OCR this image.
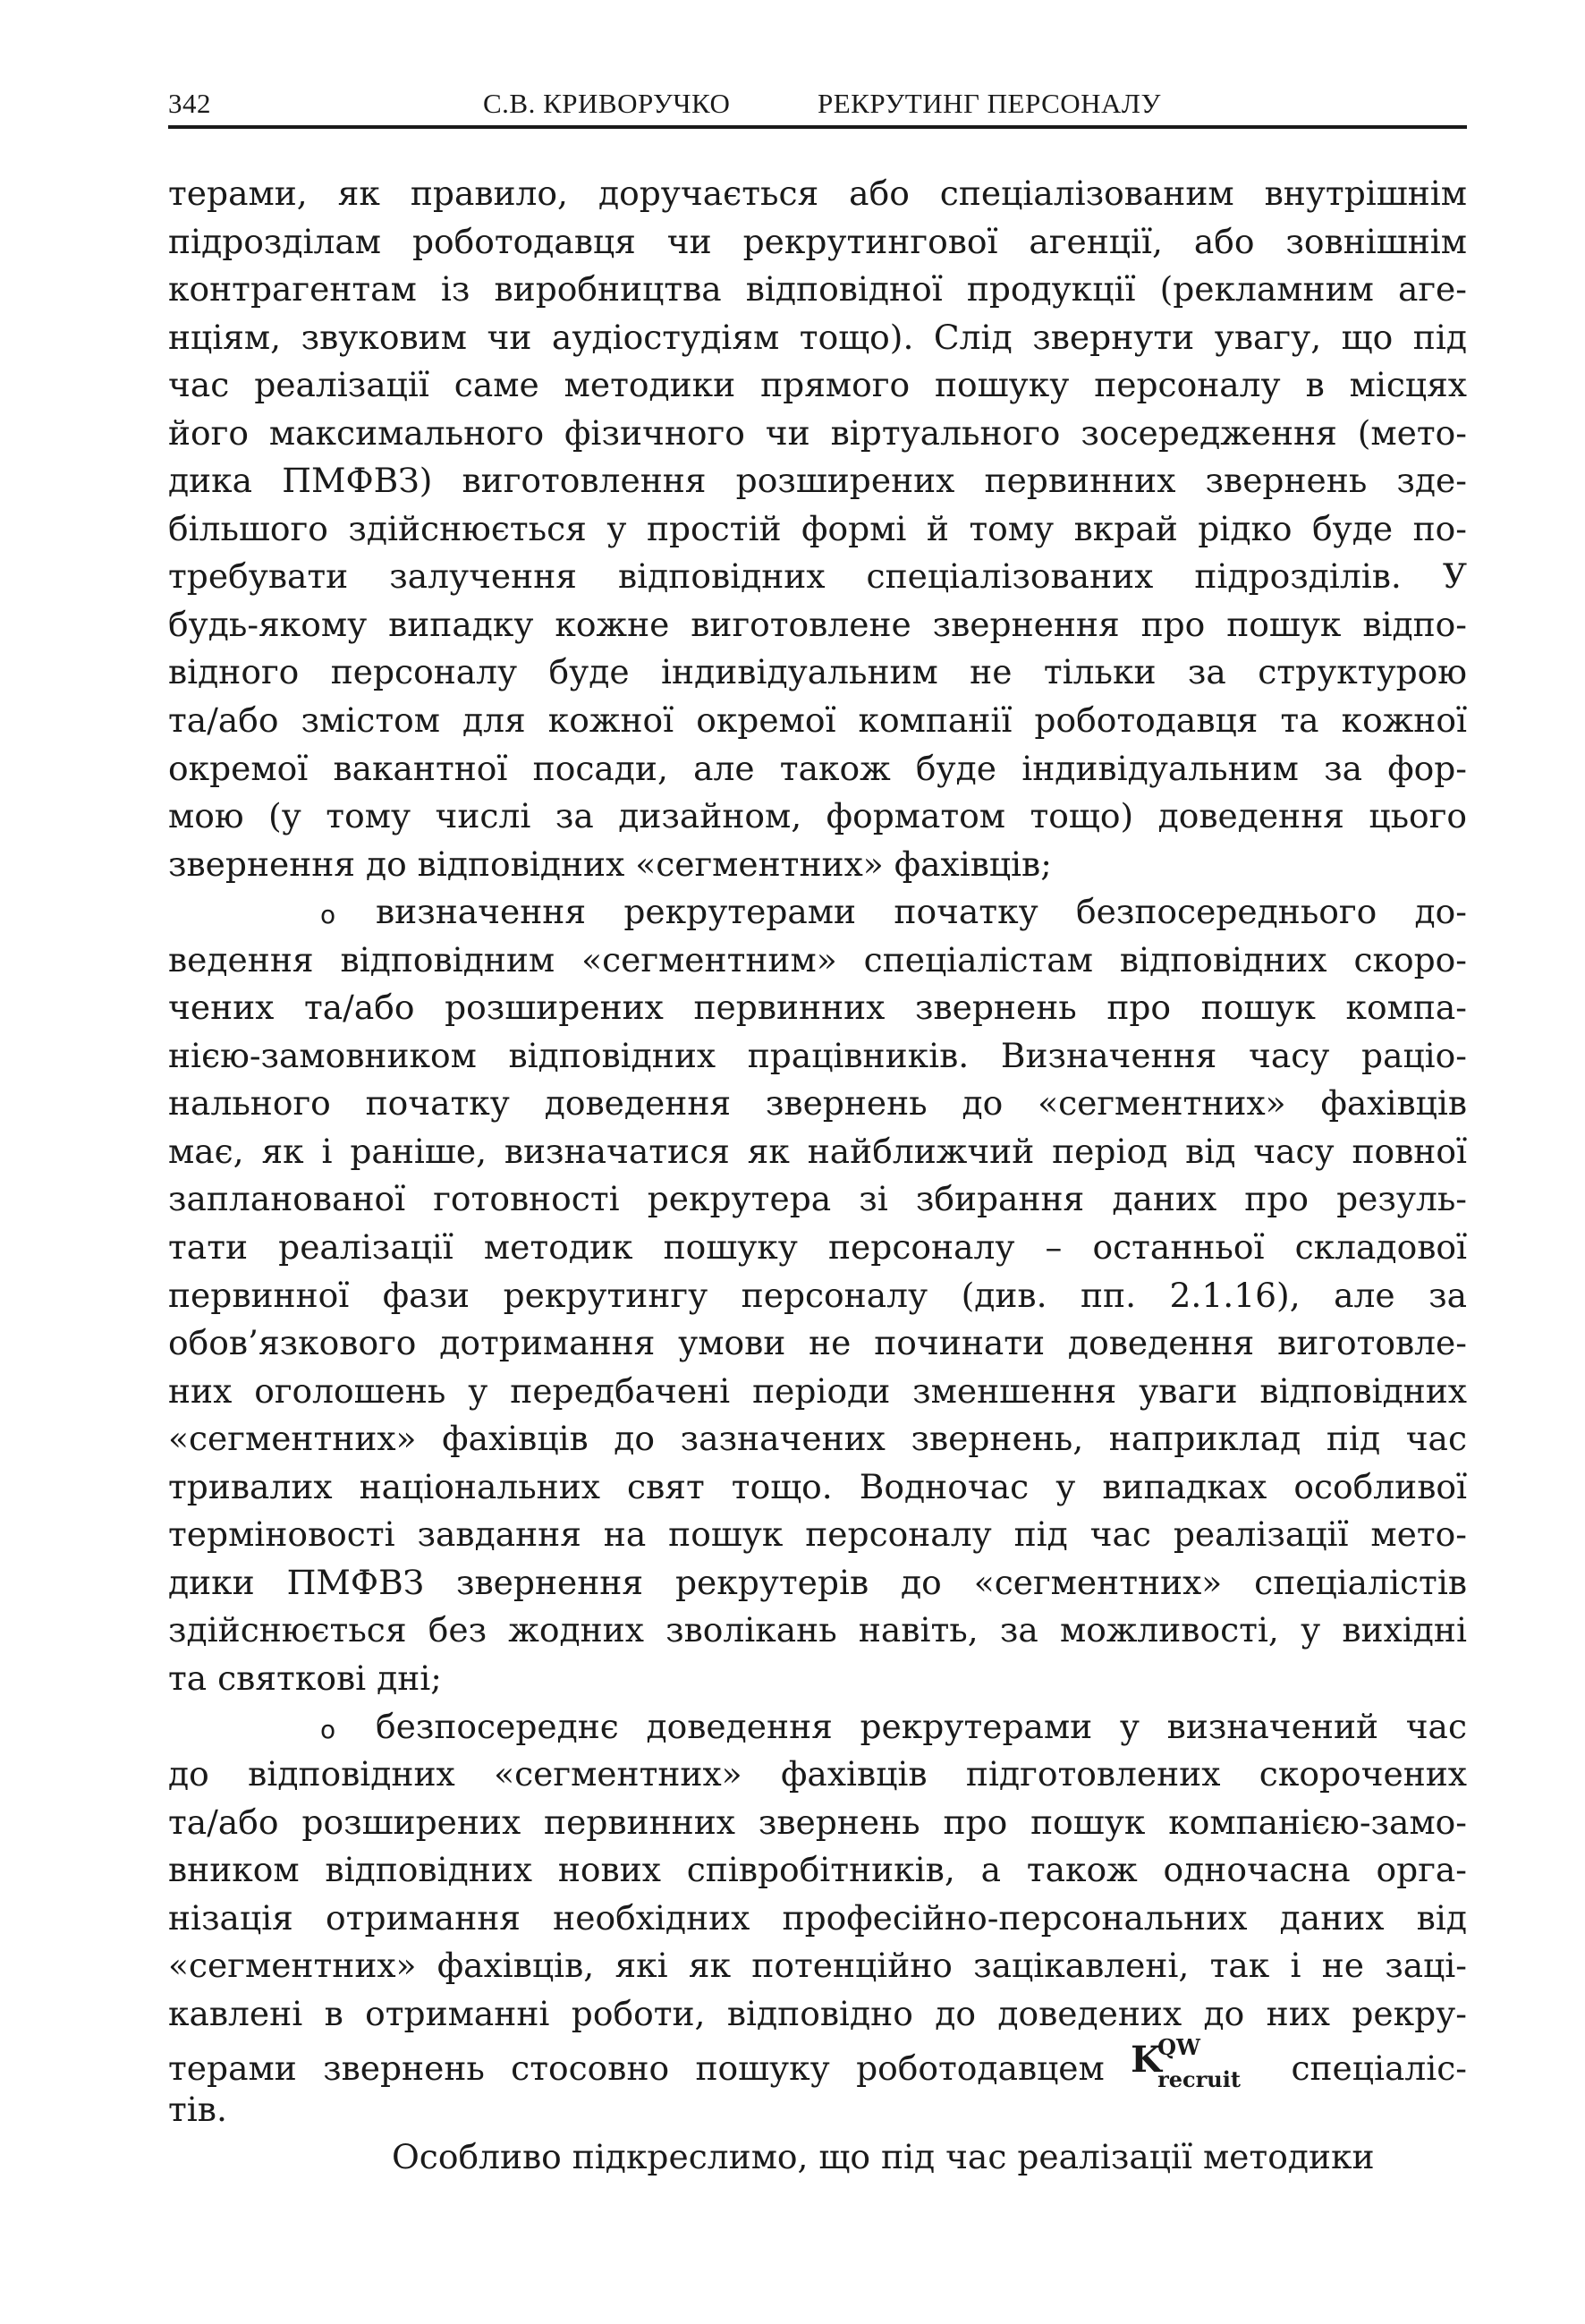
342	С.В. КРИВОРУЧКО	РЕКРУТИНГ ПЕРСОНАЛУ
терами, як правило, доручається або спеціалізованим внутрішнім
підрозділам роботодавця чи рекрутингової агенції, або зовнішнім
контрагентам із виробництва відповідної продукції (рекламним аге-
нціям, звуковим чи аудіостудіям тощо). Слід звернути увагу, що під
час реалізації саме методики прямого пошуку персоналу в місцях
його максимального фізичного чи віртуального зосередження (мето-
дика ПМФВЗ) виготовлення розширених первинних звернень зде-
більшого здійснюється у простій формі й тому вкрай рідко буде по-
требувати залучення відповідних спеціалізованих підрозділів. У
будь-якому випадку кожне виготовлене звернення про пошук відпо-
відного персоналу буде індивідуальним не тільки за структурою
та/або змістом для кожної окремої компанії роботодавця та кожної
окремої вакантної посади, але також буде індивідуальним за фор-
мою (у тому числі за дизайном, форматом тощо) доведення цього
звернення до відповідних «сегментних» фахівців;
o визначення рекрутерами початку безпосереднього до-
ведення відповідним «сегментним» спеціалістам відповідних скоро-
чених та/або розширених первинних звернень про пошук компа-
нією-замовником відповідних працівників. Визначення часу раціо-
нального початку доведення звернень до «сегментних» фахівців
має, як і раніше, визначатися як найближчий період від часу повної
запланованої готовності рекрутера зі збирання даних про резуль-
тати реалізації методик пошуку персоналу – останньої складової
первинної фази рекрутингу персоналу (див. пп. 2.1.16), але за
обов’язкового дотримання умови не починати доведення виготовле-
них оголошень у передбачені періоди зменшення уваги відповідних
«сегментних» фахівців до зазначених звернень, наприклад під час
тривалих національних свят тощо. Водночас у випадках особливої
терміновості завдання на пошук персоналу під час реалізації мето-
дики ПМФВЗ звернення рекрутерів до «сегментних» спеціалістів
здійснюється без жодних зволікань навіть, за можливості, у вихідні
та святкові дні;
o безпосереднє доведення рекрутерами у визначений час
до відповідних «сегментних» фахівців підготовлених скорочених
та/або розширених первинних звернень про пошук компанією-замо-
вником відповідних нових співробітників, а також одночасна орга-
нізація отримання необхідних професійно-персональних даних від
«сегментних» фахівців, які як потенційно зацікавлені, так і не заці-
кавлені в отриманні роботи, відповідно до доведених до них рекру-
терами звернень стосовно пошуку роботодавцем K
QW
recruit спеціаліс-
тів.
Особливо підкреслимо, що під час реалізації методики
